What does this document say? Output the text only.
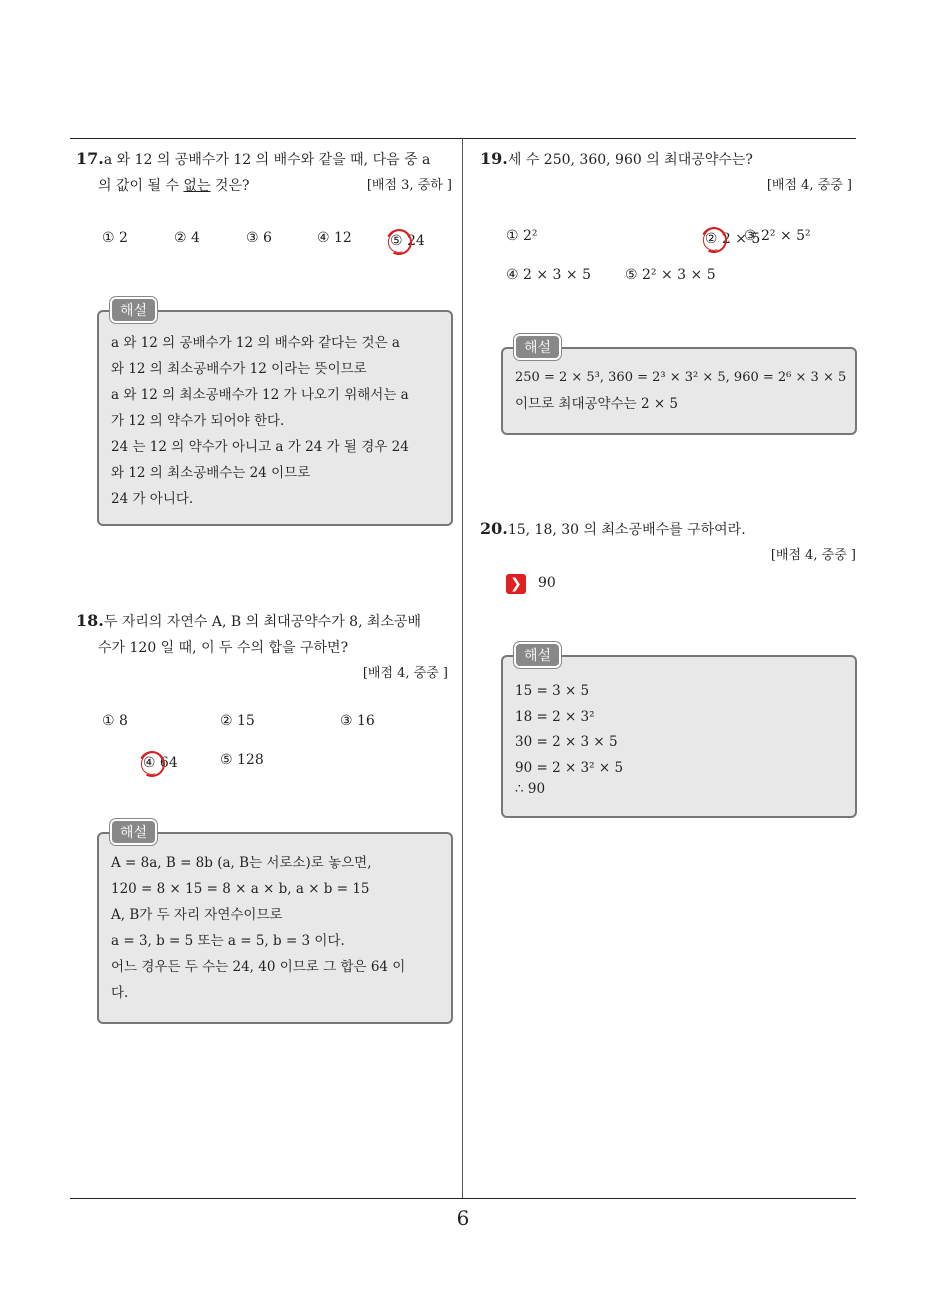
17.a 와 12 의 공배수가 12 의 배수와 같을 때, 다음 중 a
의 값이 될 수 없는 것은?	[배점 3, 중하 ]
① 2	② 4	③ 6	④ 12	⑤ 24
a 와 12 의 공배수가 12 의 배수와 같다는 것은 a
와 12 의 최소공배수가 12 이라는 뜻이므로
a 와 12 의 최소공배수가 12 가 나오기 위해서는 a
가 12 의 약수가 되어야 한다.
24 는 12 의 약수가 아니고 a 가 24 가 될 경우 24
와 12 의 최소공배수는 24 이므로
24 가 아니다.
해설
18.두 자리의 자연수 A, B 의 최대공약수가 8, 최소공배
수가 120 일 때, 이 두 수의 합을 구하면?
[배점 4, 중중 ]
① 8	② 15	③ 16
④ 64	⑤ 128
A = 8a, B = 8b (a, B는 서로소)로 놓으면,
120 = 8 × 15 = 8 × a × b, a × b = 15
A, B가 두 자리 자연수이므로
a = 3, b = 5 또는 a = 5, b = 3 이다.
어느 경우든 두 수는 24, 40 이므로 그 합은 64 이
다.
해설
19.세 수 250, 360, 960 의 최대공약수는?
[배점 4, 중중 ]
① 2²	② 2 × 5
③ 2² × 5²
④ 2 × 3 × 5 ⑤ 2² × 3 × 5
250 = 2 × 5³, 360 = 2³ × 3² × 5, 960 = 2⁶ × 3 × 5
이므로 최대공약수는 2 × 5
해설
20.15, 18, 30 의 최소공배수를 구하여라.
[배점 4, 중중 ]
❯ 90
15 = 3 × 5
18 = 2 × 3²
30 = 2 × 3 × 5
90 = 2 × 3² × 5
∴ 90
해설
6
